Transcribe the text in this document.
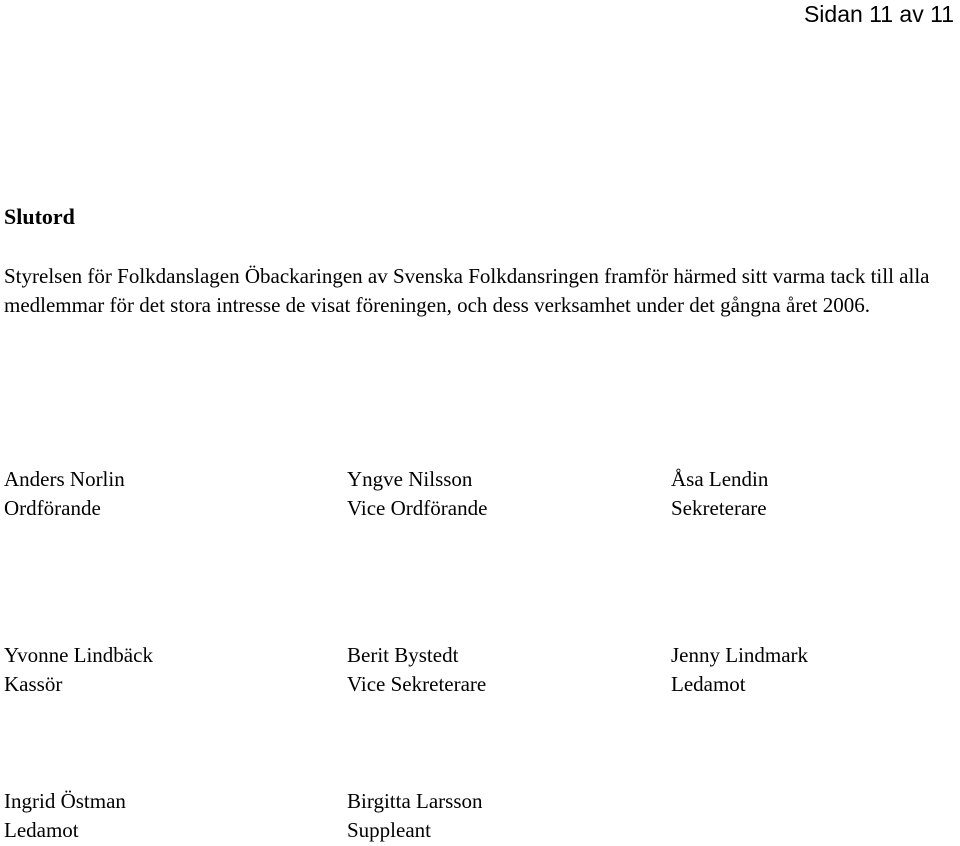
Sidan 11 av 11
Slutord

Styrelsen för Folkdanslagen Öbackaringen av Svenska Folkdansringen framför härmed sitt varma tack till alla medlemmar för det stora intresse de visat föreningen, och dess verksamhet under det gångna året 2006.

Anders Norlin
Ordförande
Yngve Nilsson
Vice Ordförande
Åsa Lendin
Sekreterare
Yvonne Lindbäck
Kassör
Berit Bystedt
Vice Sekreterare
Jenny Lindmark
Ledamot
Ingrid Östman
Ledamot
Birgitta Larsson
Suppleant
